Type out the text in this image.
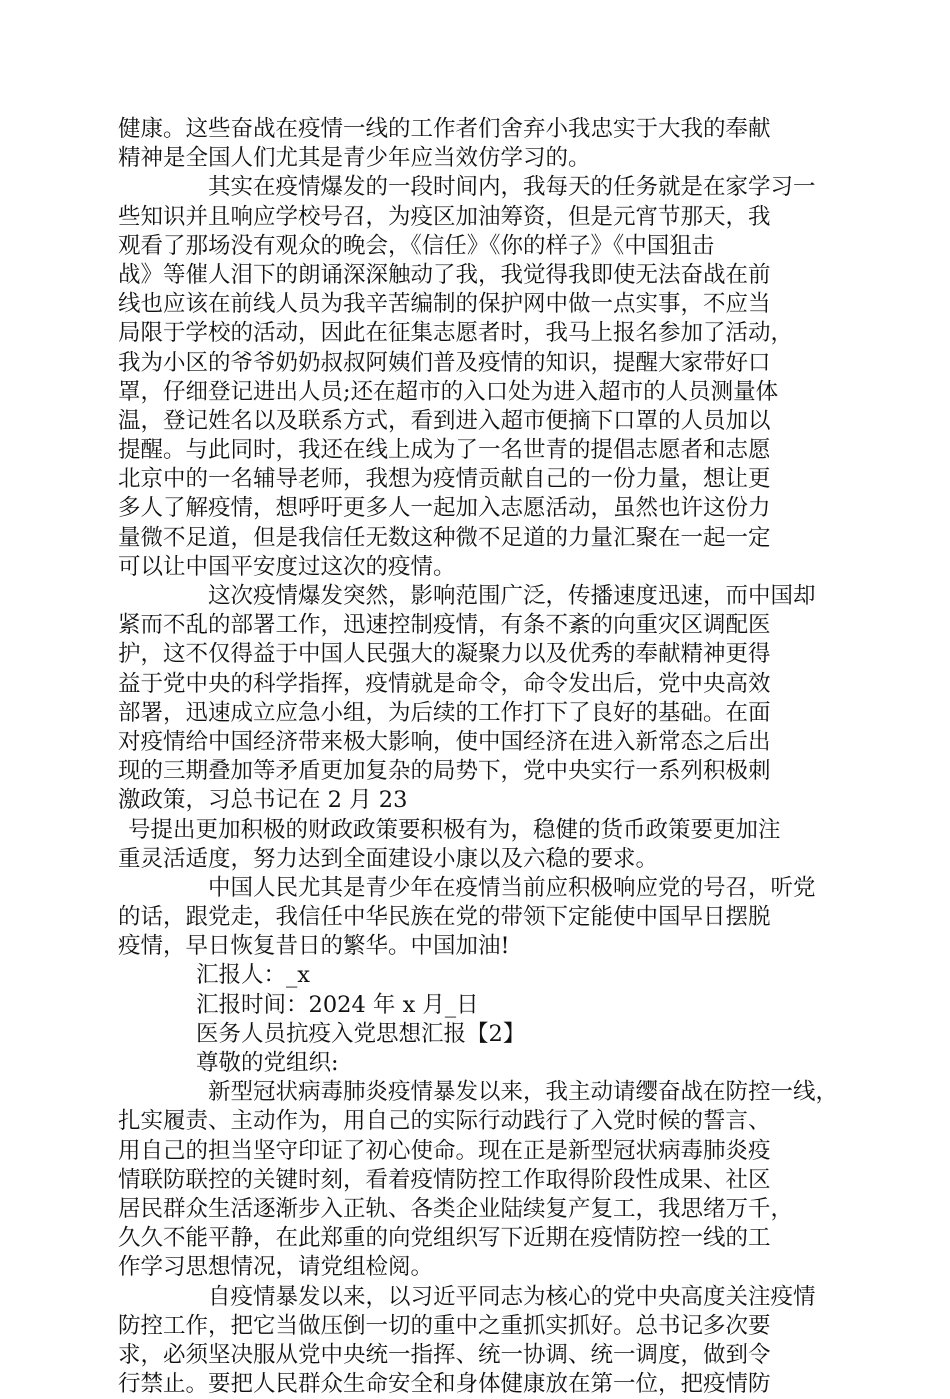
健康。这些奋战在疫情一线的工作者们舍弃小我忠实于大我的奉献
精神是全国人们尤其是青少年应当效仿学习的。
其实在疫情爆发的一段时间内，我每天的任务就是在家学习一
些知识并且响应学校号召，为疫区加油筹资，但是元宵节那天，我
观看了那场没有观众的晚会，《信任》《你的样子》《中国狙击
战》等催人泪下的朗诵深深触动了我，我觉得我即使无法奋战在前
线也应该在前线人员为我辛苦编制的保护网中做一点实事，不应当
局限于学校的活动，因此在征集志愿者时，我马上报名参加了活动，
我为小区的爷爷奶奶叔叔阿姨们普及疫情的知识，提醒大家带好口
罩，仔细登记进出人员;还在超市的入口处为进入超市的人员测量体
温，登记姓名以及联系方式，看到进入超市便摘下口罩的人员加以
提醒。与此同时，我还在线上成为了一名世青的提倡志愿者和志愿
北京中的一名辅导老师，我想为疫情贡献自己的一份力量，想让更
多人了解疫情，想呼吁更多人一起加入志愿活动，虽然也许这份力
量微不足道，但是我信任无数这种微不足道的力量汇聚在一起一定
可以让中国平安度过这次的疫情。
这次疫情爆发突然，影响范围广泛，传播速度迅速，而中国却
紧而不乱的部署工作，迅速控制疫情，有条不紊的向重灾区调配医
护，这不仅得益于中国人民强大的凝聚力以及优秀的奉献精神更得
益于党中央的科学指挥，疫情就是命令，命令发出后，党中央高效
部署，迅速成立应急小组，为后续的工作打下了良好的基础。在面
对疫情给中国经济带来极大影响，使中国经济在进入新常态之后出
现的三期叠加等矛盾更加复杂的局势下，党中央实行一系列积极刺
激政策，习总书记在 2 月 23
号提出更加积极的财政政策要积极有为，稳健的货币政策要更加注
重灵活适度，努力达到全面建设小康以及六稳的要求。
中国人民尤其是青少年在疫情当前应积极响应党的号召，听党
的话，跟党走，我信任中华民族在党的带领下定能使中国早日摆脱
疫情，早日恢复昔日的繁华。中国加油!
汇报人：_x
汇报时间：2024 年 x 月_日
医务人员抗疫入党思想汇报【2】
尊敬的党组织:
新型冠状病毒肺炎疫情暴发以来，我主动请缨奋战在防控一线，
扎实履责、主动作为，用自己的实际行动践行了入党时候的誓言、
用自己的担当坚守印证了初心使命。现在正是新型冠状病毒肺炎疫
情联防联控的关键时刻，看着疫情防控工作取得阶段性成果、社区
居民群众生活逐渐步入正轨、各类企业陆续复产复工，我思绪万千，
久久不能平静，在此郑重的向党组织写下近期在疫情防控一线的工
作学习思想情况，请党组检阅。
自疫情暴发以来，以习近平同志为核心的党中央高度关注疫情
防控工作，把它当做压倒一切的重中之重抓实抓好。总书记多次要
求，必须坚决服从党中央统一指挥、统一协调、统一调度，做到令
行禁止。要把人民群众生命安全和身体健康放在第一位，把疫情防
